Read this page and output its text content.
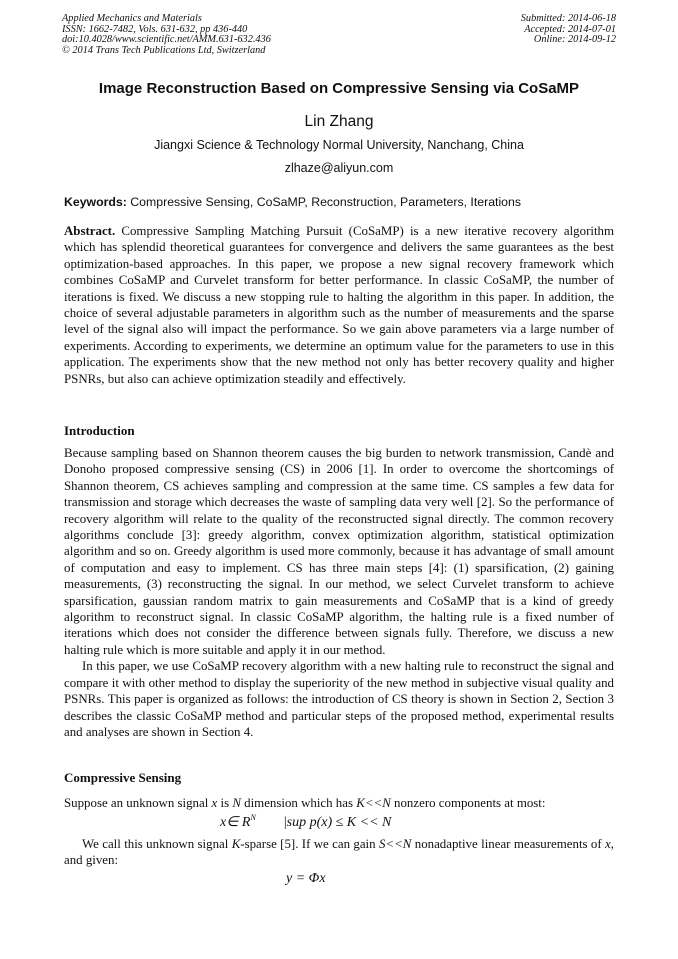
Applied Mechanics and Materials
ISSN: 1662-7482, Vols. 631-632, pp 436-440
doi:10.4028/www.scientific.net/AMM.631-632.436
© 2014 Trans Tech Publications Ltd, Switzerland
Submitted: 2014-06-18
Accepted: 2014-07-01
Online: 2014-09-12
Image Reconstruction Based on Compressive Sensing via CoSaMP
Lin Zhang
Jiangxi Science & Technology Normal University, Nanchang, China
zlhaze@aliyun.com
Keywords: Compressive Sensing, CoSaMP, Reconstruction, Parameters, Iterations

Abstract. Compressive Sampling Matching Pursuit (CoSaMP) is a new iterative recovery algorithm which has splendid theoretical guarantees for convergence and delivers the same guarantees as the best optimization-based approaches. In this paper, we propose a new signal recovery framework which combines CoSaMP and Curvelet transform for better performance. In classic CoSaMP, the number of iterations is fixed. We discuss a new stopping rule to halting the algorithm in this paper. In addition, the choice of several adjustable parameters in algorithm such as the number of measurements and the sparse level of the signal also will impact the performance. So we gain above parameters via a large number of experiments. According to experiments, we determine an optimum value for the parameters to use in this application. The experiments show that the new method not only has better recovery quality and higher PSNRs, but also can achieve optimization steadily and effectively.

Introduction

Because sampling based on Shannon theorem causes the big burden to network transmission, Candè and Donoho proposed compressive sensing (CS) in 2006 [1]. In order to overcome the shortcomings of Shannon theorem, CS achieves sampling and compression at the same time. CS samples a few data for transmission and storage which decreases the waste of sampling data very well [2]. So the performance of recovery algorithm will relate to the quality of the reconstructed signal directly. The common recovery algorithms conclude [3]: greedy algorithm, convex optimization algorithm, statistical optimization algorithm and so on. Greedy algorithm is used more commonly, because it has advantage of small amount of computation and easy to implement. CS has three main steps [4]: (1) sparsification, (2) gaining measurements, (3) reconstructing the signal. In our method, we select Curvelet transform to achieve sparsification, gaussian random matrix to gain measurements and CoSaMP that is a kind of greedy algorithm to reconstruct signal. In classic CoSaMP algorithm, the halting rule is a fixed number of iterations which does not consider the difference between signals fully. Therefore, we discuss a new halting rule which is more suitable and apply it in our method.

In this paper, we use CoSaMP recovery algorithm with a new halting rule to reconstruct the signal and compare it with other method to display the superiority of the new method in subjective visual quality and PSNRs. This paper is organized as follows: the introduction of CS theory is shown in Section 2, Section 3 describes the classic CoSaMP method and particular steps of the proposed method, experimental results and analyses are shown in Section 4.

Compressive Sensing

Suppose an unknown signal x is N dimension which has K<<N nonzero components at most:

x∈ $R^N$ |sup p(x) ≤ K << N

We call this unknown signal K-sparse [5]. If we can gain S<<N nonadaptive linear measurements of x, and given:

y = Φx
